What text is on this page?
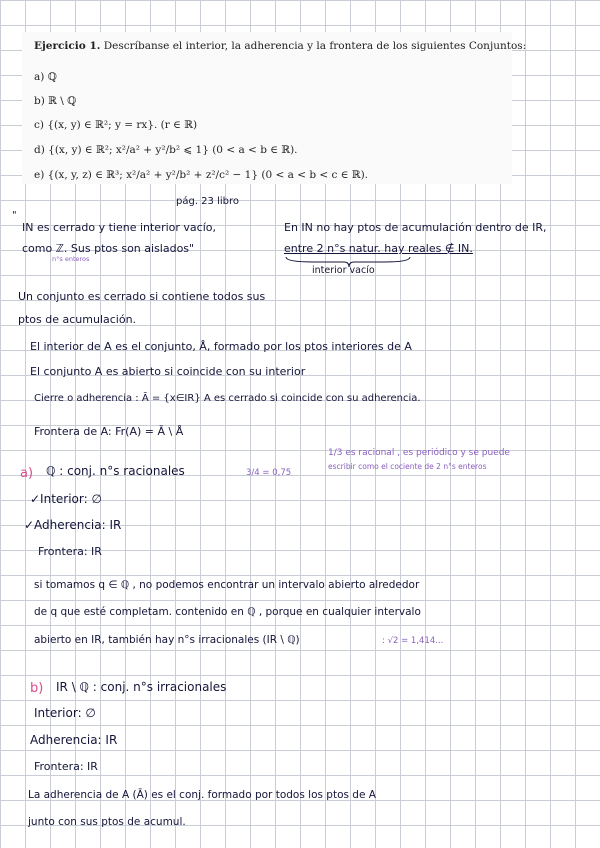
Ejercicio 1. Descríbanse el interior, la adherencia y la frontera de los siguientes Conjuntos:
a) ℚ
b) ℝ \ ℚ
c) {(x, y) ∈ ℝ²; y = rx}. (r ∈ ℝ)
d) {(x, y) ∈ ℝ²; x²/a² + y²/b² ⩽ 1} (0 < a < b ∈ ℝ).
e) {(x, y, z) ∈ ℝ³; x²/a² + y²/b² + z²/c² − 1} (0 < a < b < c ∈ ℝ).
pág. 23 libro
"
IN es cerrado y tiene interior vacío,	En IN no hay ptos de acumulación dentro de IR,
como ℤ. Sus ptos son aislados"	entre 2 n°s natur. hay reales ∉ IN.
n°s enteros
interior vacío
Un conjunto es cerrado si contiene todos sus
ptos de acumulación.
El interior de A es el conjunto, Å, formado por los ptos interiores de A
El conjunto A es abierto si coincide con su interior
Cierre o adherencia : Ā = {x∈IR} A es cerrado si coincide con su adherencia.
Frontera de A: Fr(A) = Ā \ Å
a) ℚ : conj. n°s racionales	3/4 = 0,75
1/3 es racional , es periódico y se puede
escribir como el cociente de 2 n°s enteros
✓Interior: ∅
✓Adherencia: IR
Frontera: IR
si tomamos q ∈ ℚ , no podemos encontrar un intervalo abierto alrededor
de q que esté completam. contenido en ℚ , porque en cualquier intervalo
abierto en IR, también hay n°s irracionales (IR \ ℚ)	: √2 = 1,414...
b) IR \ ℚ : conj. n°s irracionales
Interior: ∅
Adherencia: IR
Frontera: IR
La adherencia de A (Ā) es el conj. formado por todos los ptos de A
junto con sus ptos de acumul.
